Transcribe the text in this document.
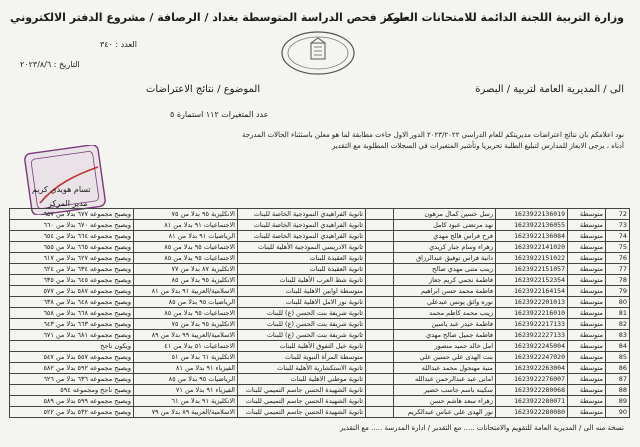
وزارة التربية اللجنة الدائمة للامتحانات العامة
مركز فحص الدراسة المتوسطة بغداد / الرصافة / مشروع الدفتر الالكتروني
العدد : ٣٤٠
التاريخ : ٢٠٢٣/٨/٦
الى / المديرية العامة لتربية / البصرة
الموضوع / نتائج الاعتراضات
عدد المتغيرات ١١٢ استمارة ٥
نود اعلامكم بان نتائج اعتراضات مديريتكم للعام الدراسي ٢٠٢٣/٢٠٢٢ الدور الاول جاءت مطابقة لما هو معلن باستثناء الحالات المدرجة
أدناه ، يرجى الايعاز للمدارس لتبليغ الطلبة تحريريا وتأشير المتغيرات في السجلات المطلوبة مع التقدير
تسام هويدي كريم
مدير المركز
72	متوسطة	1623922136019	رسل حسين كمال مرهون		ثانوية الفراهيدي النموذجية الخاصة للبنات	الانكليزية ٩٥ بدلا من ٧٥	ويصبح مجموعه ٦٧٧ بدلا من ٦٥٧
73	متوسطة	1623922136055	نهد مرتضى عبود كامل		ثانوية الفراهيدي النموذجية الخاصة للبنات	الاجتماعيات ٩١ بدلا من ٨١	ويصبح مجموعه ٦٧٠ بدلا من ٦٦٠
74	متوسطة	1623922136084	فرح فراس فالح مهدي		ثانوية الفراهيدي النموذجية الخاصة للبنات	الرياضيات ٩١ بدلا من ٨١	ويصبح مجموعه ٦٦٤ بدلا من ٦٥٤
75	متوسطة	1623922141020	زهراء وسام جبار كريدي		ثانوية الادريسي النموذجية الأهلية للبنات	الاجتماعيات ٩٥ بدلا من ٨٥	ويصبح مجموعه ٦٦٥ بدلا من ٦٥٥
76	متوسطة	1623922151022	دانية فراس توفيق عبدالرزاق		ثانوية العقيدة للبنات	الاجتماعيات ٩٥ بدلا من ٨٥	ويصبح مجموعه ٦٢٧ بدلا من ٦١٧
77	متوسطة	1623922151057	زينب مثنى مهدي صالح		ثانوية العقيدة للبنات	الانكليزية ٨٧ بدلا من ٧٧	ويصبح مجموعه ٦٣٤ بدلا من ٦٢٤
78	متوسطة	1623922152354	فاطمة نجمي كريم جعاز		ثانوية شط العرب الأهلية للبنات	الانكليزية ٩٥ بدلا من ٨٥	ويصبح مجموعه ٦٤٥ بدلا من ٦٣٥
79	متوسطة	1623922164154	فاطمة محمد حسن ابراهيم		متوسطة اوابين الاهلية للبنات	الاسلامية/العربية ٩١ بدلا من ٨١	ويصبح مجموعه ٥٨٧ بدلا من ٥٧٧
80	متوسطة	1623922201013	نوره وائق يونس عبدعلي		ثانوية نور الامل الاهلية للبنات	الرياضيات ٩٥ بدلا من ٨٥	ويصبح مجموعه ٦٤٨ بدلا من ٦٣٨
81	متوسطة	1623922216010	زينب محمد كاظم محمد		ثانوية شريفة بنت الحسن (ع) للبنات	الاجتماعيات ٩٥ بدلا من ٨٥	ويصبح مجموعه ٦٦٨ بدلا من ٦٥٨
82	متوسطة	1623922217133	فاطمة حيدر عبد ياسين		ثانوية شريفة بنت الحسن (ع) للبنات	الانكليزية ٩٥ بدلا من ٧٥	ويصبح مجموعه ٦٦٣ بدلا من ٦٤٣
83	متوسطة	1623922227133	فاطمة جميل صالح مهدي		ثانوية شريفة بنت الحسن (ع) للبنات	الاسلامية/العربية ٩٩ بدلا من ٨٩	ويصبح مجموعه ٦٨١ بدلا من ٦٧١
84	متوسطة	1623922245004	امل خالد حميد منصور		ثانوية خيل التفوق الأهلية للبنات	الاجتماعيات ٥١ بدلا من ٤١	ويكون ناجح
85	متوسطة	1623922247020	بنت الهدى علي حسين علي		متوسطة المرأة النبوية للبنات	الانكليزية ٦١ بدلا من ٥١	ويصبح مجموعه ٥٥٧ بدلا من ٥٤٧
86	متوسطة	1623922263004	منية مهنجول محمد عبدالله		ثانوية الاستكشارية الأهلية للبنات	الفيزياء ٩١ بدلا من ٨١	ويصبح مجموعه ٥٩٢ بدلا من ٥٨٢
87	متوسطة	1623922276007	امانى عبد عبدالرحمن عبدالله		ثانوية موطني الاهلية للبنات	الرياضيات ٩٥ بدلا من ٨٥	ويصبح مجموعه ٦٣٦ بدلا من ٦٢٦
88	متوسطة	1623922280068	سكينه باسم جاسب خضير		ثانوية الشهيدة الحسن جاسم التميمي للبنات	الفيزياء ٩١ بدلا من ٧١	ويصبح ناجح ومجموعه ٥٩٤
89	متوسطة	1623922280071	زهراء سعد هاشم حسن		ثانوية الشهيدة الحسن جاسم التميمي للبنات	الانكليزية ٩١ بدلا من ٦١	ويصبح مجموعه ٥٩٩ بدلا من ٥٨٩
90	متوسطة	1623922280080	نور الهدى علي عباس عبدالكريم		ثانوية الشهيدة الحسن جاسم التميمي للبنات	الاسلامية/العربية ٨٩ بدلا من ٧٩	ويصبح مجموعه ٥٣٢ بدلا من ٥٢٢
نسخة منه الى / المديرية العامة للتقويم والامتحانات ..... مع التقدير / ادارة المدرسة ..... مع التقدير
